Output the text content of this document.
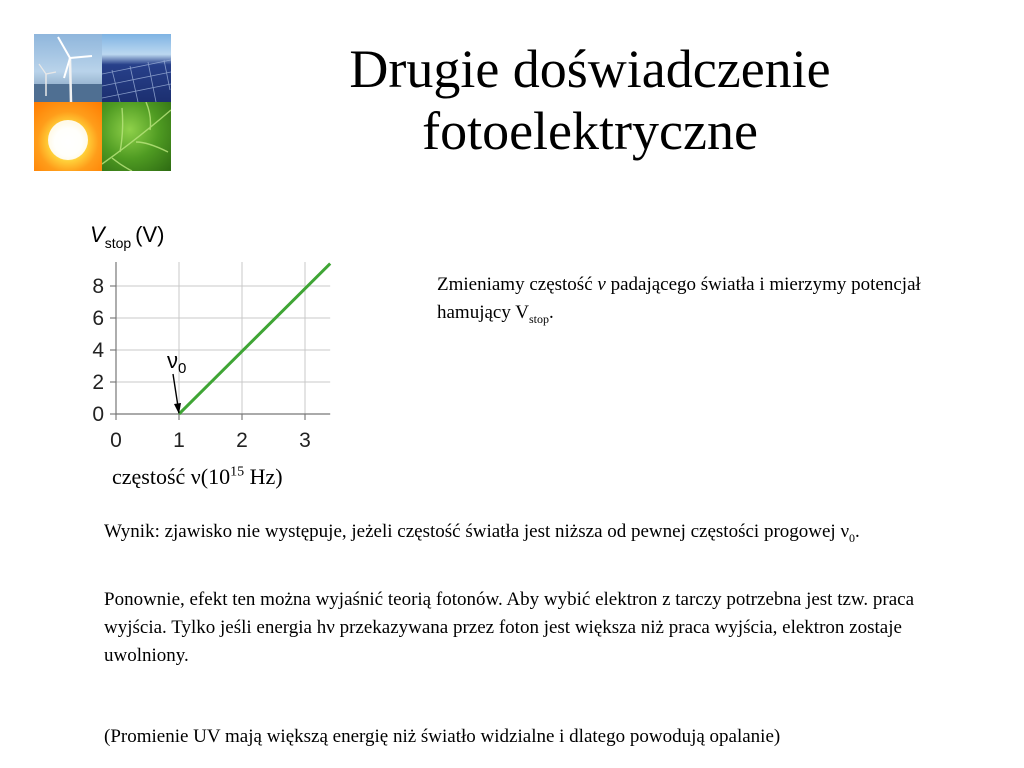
Drugie doświadczenie
fotoelektryczne
0
2
4
6
8
0 1 2 3
$V_{stop}$ (V)
$\nu_0$
częstość $\nu(10^{15}$ Hz)
Zmieniamy częstość ν padającego światła i mierzymy potencjał hamujący $V_{stop}$.
Wynik: zjawisko nie występuje, jeżeli częstość światła jest niższa od pewnej częstości progowej $\nu_0$.
Ponownie, efekt ten można wyjaśnić teorią fotonów. Aby wybić elektron z tarczy potrzebna jest tzw. praca wyjścia. Tylko jeśli energia hν przekazywana przez foton jest większa niż praca wyjścia, elektron zostaje uwolniony.
(Promienie UV mają większą energię niż światło widzialne i dlatego powodują opalanie)
